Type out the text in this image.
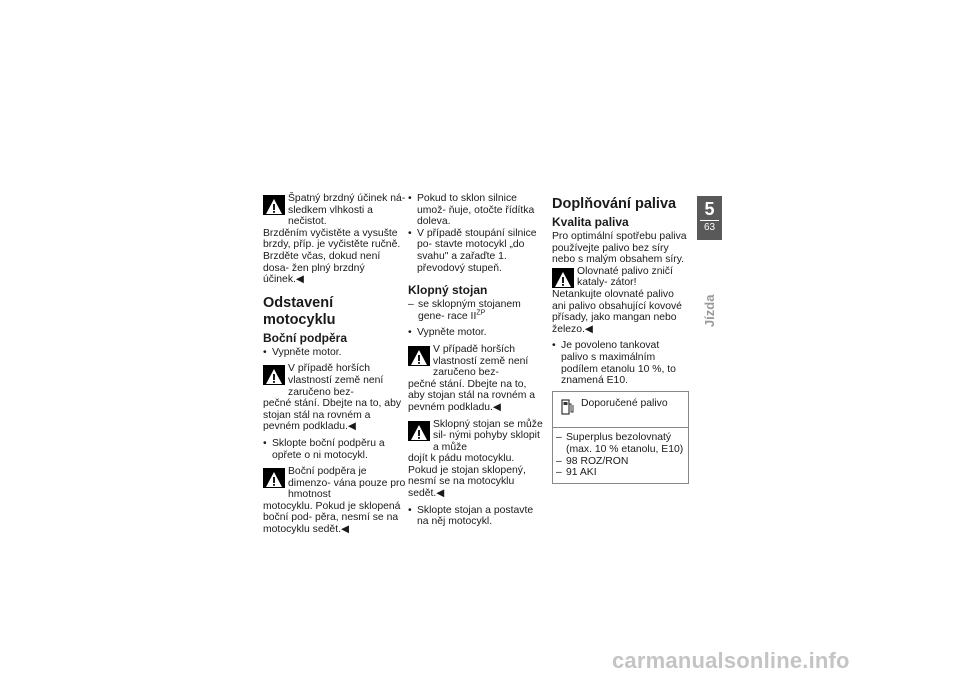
Špatný brzdný účinek ná- sledkem vlhkosti a nečistot.

Brzděním vyčistěte a vysušte brzdy, příp. je vyčistěte ručně. Brzděte včas, dokud není dosa- žen plný brzdný účinek.◀

Odstavení motocyklu
Boční podpěra
• Vypněte motor.

V případě horších vlastností země není zaručeno bez-

pečné stání. Dbejte na to, aby stojan stál na rovném a pevném podkladu.◀

• Sklopte boční podpěru a opřete o ni motocykl.

Boční podpěra je dimenzo- vána pouze pro hmotnost

motocyklu. Pokud je sklopená boční pod- pěra, nesmí se na motocyklu sedět.◀

• Pokud to sklon silnice umož- ňuje, otočte řídítka doleva.
• V případě stoupání silnice po- stavte motocykl „do svahu" a zařaďte 1. převodový stupeň.
Klopný stojan
– se sklopným stojanem gene- race $II^{ZP}$
• Vypněte motor.

V případě horších vlastností země není zaručeno bez-

pečné stání. Dbejte na to, aby stojan stál na rovném a pevném podkladu.◀

Sklopný stojan se může sil- nými pohyby sklopit a může

dojít k pádu motocyklu. Pokud je stojan sklopený, nesmí se na motocyklu sedět.◀

• Sklopte stojan a postavte na něj motocykl.
Doplňování paliva
Kvalita paliva

Pro optimální spotřebu paliva používejte palivo bez síry nebo s malým obsahem síry.

Olovnaté palivo zničí kataly- zátor!

Netankujte olovnaté palivo ani palivo obsahující kovové přísady, jako mangan nebo železo.◀

• Je povoleno tankovat palivo s maximálním podílem etanolu 10 %, to znamená E10.
Doporučené palivo
– Superplus bezolovnatý (max. 10 % etanolu, E10)
– 98 ROZ/RON
– 91 AKI
5
63
Jízda
carmanualsonline.info
